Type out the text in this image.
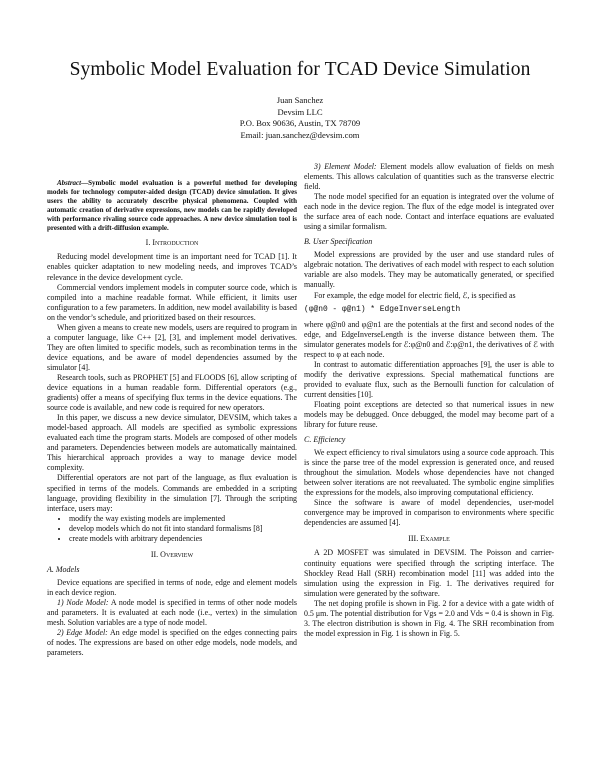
Symbolic Model Evaluation for TCAD Device Simulation
Juan Sanchez
Devsim LLC
P.O. Box 90636, Austin, TX 78709
Email: juan.sanchez@devsim.com

Abstract—Symbolic model evaluation is a powerful method for developing models for technology computer-aided design (TCAD) device simulation. It gives users the ability to accurately describe physical phenomena. Coupled with automatic creation of derivative expressions, new models can be rapidly developed with performance rivaling source code approaches. A new device simulation tool is presented with a drift-diffusion example.

I. Introduction

Reducing model development time is an important need for TCAD [1]. It enables quicker adaptation to new modeling needs, and improves TCAD’s relevance in the device development cycle.

Commercial vendors implement models in computer source code, which is compiled into a machine readable format. While efficient, it limits user configuration to a few parameters. In addition, new model availability is based on the vendor’s schedule, and prioritized based on their resources.

When given a means to create new models, users are required to program in a computer language, like C++ [2], [3], and implement model derivatives. They are often limited to specific models, such as recombination terms in the device equations, and be aware of model dependencies assumed by the simulator [4].

Research tools, such as PROPHET [5] and FLOODS [6], allow scripting of device equations in a human readable form. Differential operators (e.g., gradients) offer a means of specifying flux terms in the device equations. The source code is available, and new code is required for new operators.

In this paper, we discuss a new device simulator, DEVSIM, which takes a model-based approach. All models are specified as symbolic expressions evaluated each time the program starts. Models are composed of other models and parameters. Dependencies between models are automatically maintained. This hierarchical approach provides a way to manage device model complexity.

Differential operators are not part of the language, as flux evaluation is specified in terms of the models. Commands are embedded in a scripting language, providing flexibility in the simulation [7]. Through the scripting interface, users may:

• modify the way existing models are implemented
• develop models which do not fit into standard formalisms [8]
• create models with arbitrary dependencies
II. Overview
A. Models

Device equations are specified in terms of node, edge and element models in each device region.

1) Node Model: A node model is specified in terms of other node models and parameters. It is evaluated at each node (i.e., vertex) in the simulation mesh. Solution variables are a type of node model.

2) Edge Model: An edge model is specified on the edges connecting pairs of nodes. The expressions are based on other edge models, node models, and parameters.

3) Element Model: Element models allow evaluation of fields on mesh elements. This allows calculation of quantities such as the transverse electric field.

The node model specified for an equation is integrated over the volume of each node in the device region. The flux of the edge model is integrated over the surface area of each node. Contact and interface equations are evaluated using a similar formalism.

B. User Specification

Model expressions are provided by the user and use standard rules of algebraic notation. The derivatives of each model with respect to each solution variable are also models. They may be automatically generated, or specified manually.

For example, the edge model for electric field, ℰ, is specified as

(φ@n0 - φ@n1) * EdgeInverseLength

where φ@n0 and φ@n1 are the potentials at the first and second nodes of the edge, and EdgeInverseLength is the inverse distance between them. The simulator generates models for ℰ:φ@n0 and ℰ:φ@n1, the derivatives of ℰ with respect to φ at each node.

In contrast to automatic differentiation approaches [9], the user is able to modify the derivative expressions. Special mathematical functions are provided to evaluate flux, such as the Bernoulli function for calculation of current densities [10].

Floating point exceptions are detected so that numerical issues in new models may be debugged. Once debugged, the model may become part of a library for future reuse.

C. Efficiency

We expect efficiency to rival simulators using a source code approach. This is since the parse tree of the model expression is generated once, and reused throughout the simulation. Models whose dependencies have not changed between solver iterations are not reevaluated. The symbolic engine simplifies the expressions for the models, also improving computational efficiency.

Since the software is aware of model dependencies, user-model convergence may be improved in comparison to environments where specific dependencies are assumed [4].

III. Example

A 2D MOSFET was simulated in DEVSIM. The Poisson and carrier-continuity equations were specified through the scripting interface. The Shockley Read Hall (SRH) recombination model [11] was added into the simulation using the expression in Fig. 1. The derivatives required for simulation were generated by the software.

The net doping profile is shown in Fig. 2 for a device with a gate width of 0.5 μm. The potential distribution for Vgs = 2.0 and Vds = 0.4 is shown in Fig. 3. The electron distribution is shown in Fig. 4. The SRH recombination from the model expression in Fig. 1 is shown in Fig. 5.
